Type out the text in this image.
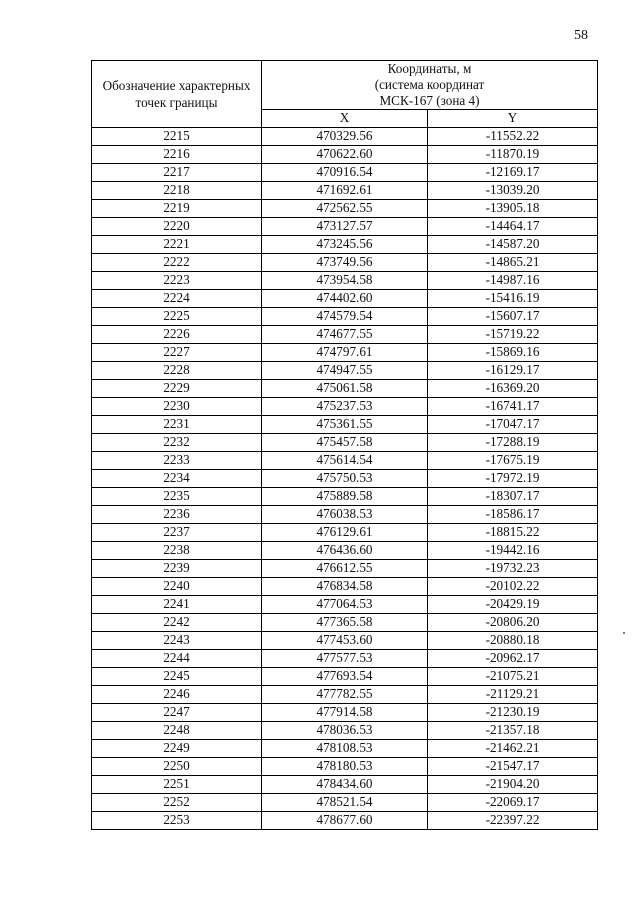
58
Обозначение характерных точек границы	Координаты, м
(система координат
МСК-167 (зона 4)	

	X	Y
2215	470329.56	-11552.22
2216	470622.60	-11870.19
2217	470916.54	-12169.17
2218	471692.61	-13039.20
2219	472562.55	-13905.18
2220	473127.57	-14464.17
2221	473245.56	-14587.20
2222	473749.56	-14865.21
2223	473954.58	-14987.16
2224	474402.60	-15416.19
2225	474579.54	-15607.17
2226	474677.55	-15719.22
2227	474797.61	-15869.16
2228	474947.55	-16129.17
2229	475061.58	-16369.20
2230	475237.53	-16741.17
2231	475361.55	-17047.17
2232	475457.58	-17288.19
2233	475614.54	-17675.19
2234	475750.53	-17972.19
2235	475889.58	-18307.17
2236	476038.53	-18586.17
2237	476129.61	-18815.22
2238	476436.60	-19442.16
2239	476612.55	-19732.23
2240	476834.58	-20102.22
2241	477064.53	-20429.19
2242	477365.58	-20806.20
2243	477453.60	-20880.18
2244	477577.53	-20962.17
2245	477693.54	-21075.21
2246	477782.55	-21129.21
2247	477914.58	-21230.19
2248	478036.53	-21357.18
2249	478108.53	-21462.21
2250	478180.53	-21547.17
2251	478434.60	-21904.20
2252	478521.54	-22069.17
2253	478677.60	-22397.22
